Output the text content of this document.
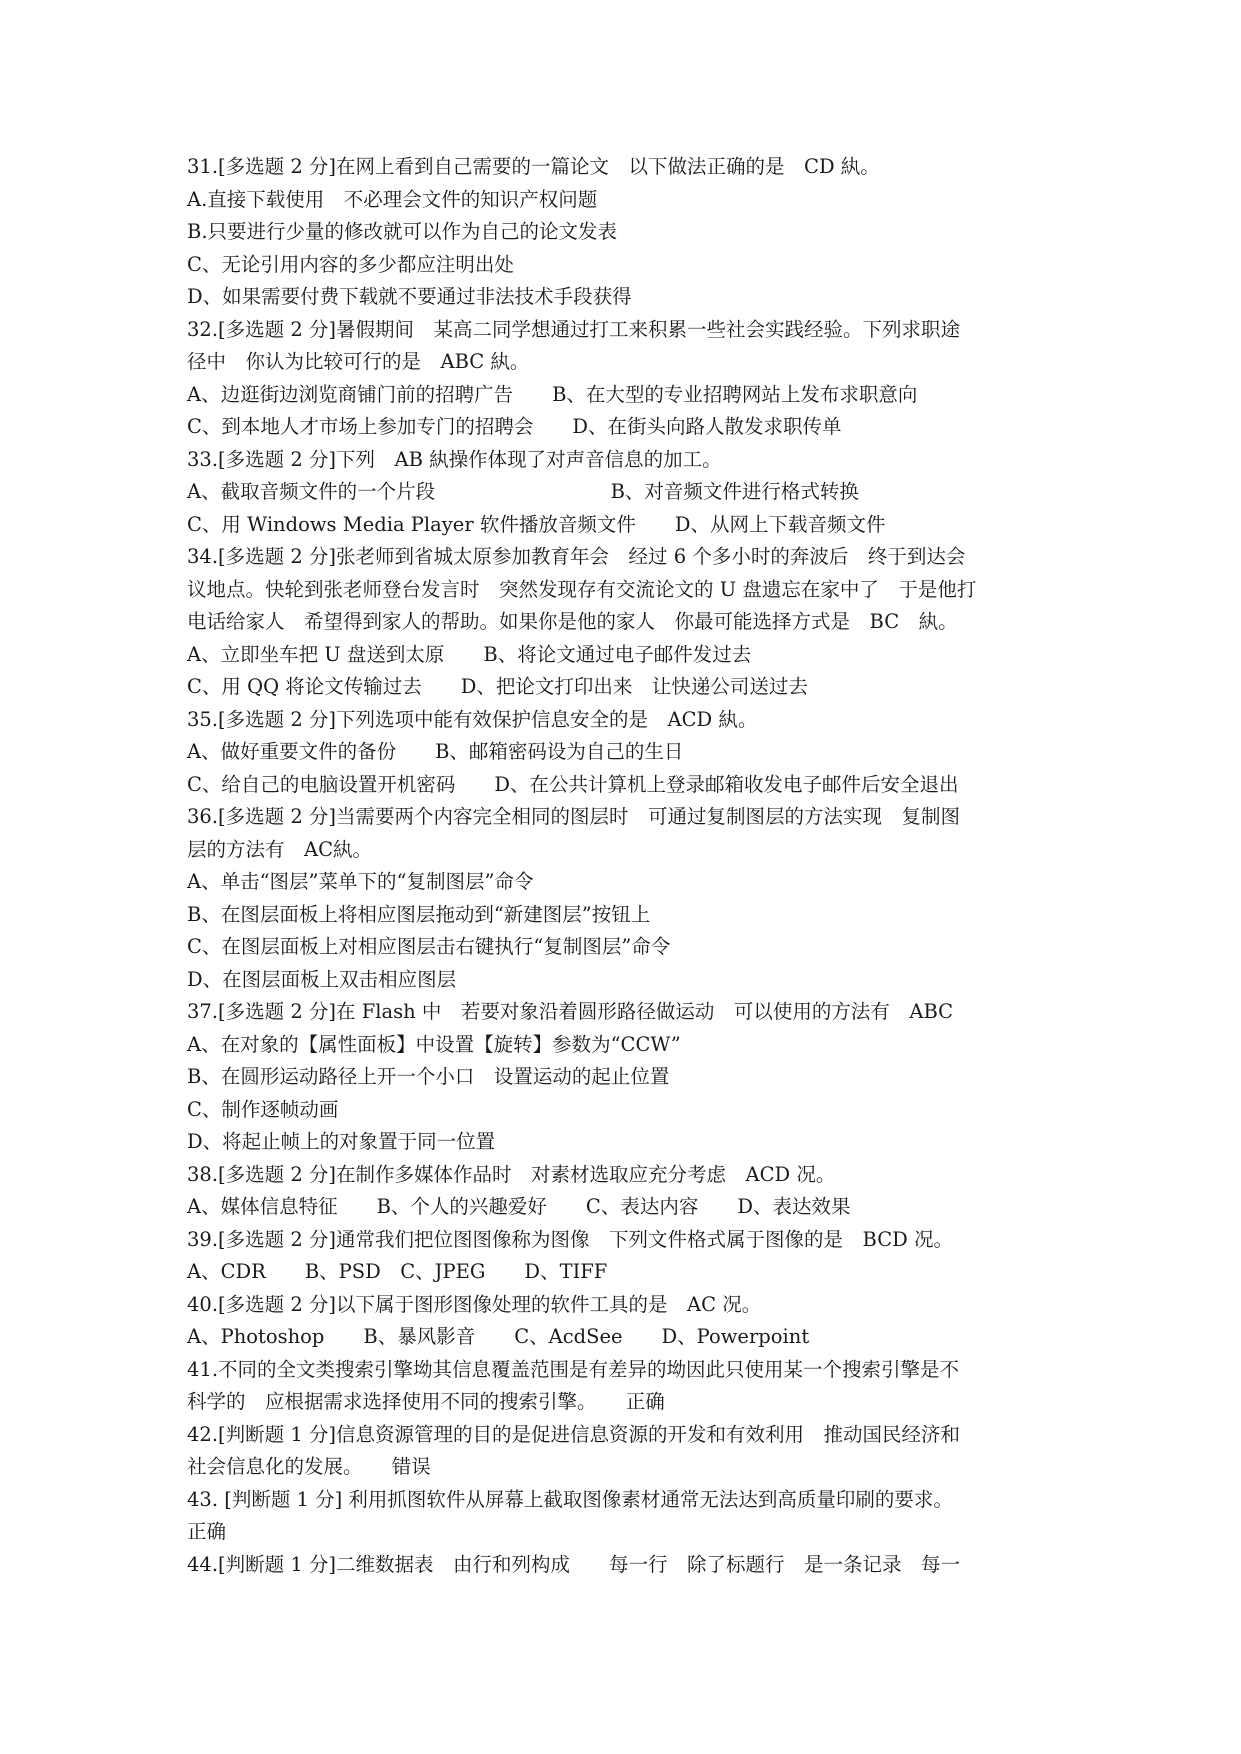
31.[多选题 2 分]在网上看到自己需要的一篇论文　以下做法正确的是　CD 紈。
A.直接下载使用　不必理会文件的知识产权问题
B.只要进行少量的修改就可以作为自己的论文发表
C、无论引用内容的多少都应注明出处
D、如果需要付费下载就不要通过非法技术手段获得
32.[多选题 2 分]暑假期间　某高二同学想通过打工来积累一些社会实践经验。下列求职途
径中　你认为比较可行的是　ABC 紈。
A、边逛街边浏览商铺门前的招聘广告　　B、在大型的专业招聘网站上发布求职意向
C、到本地人才市场上参加专门的招聘会　　D、在街头向路人散发求职传单
33.[多选题 2 分]下列　AB 紈操作体现了对声音信息的加工。
A、截取音频文件的一个片段　　　　　　　　　B、对音频文件进行格式转换
C、用 Windows Media Player 软件播放音频文件　　D、从网上下载音频文件
34.[多选题 2 分]张老师到省城太原参加教育年会　经过 6 个多小时的奔波后　终于到达会
议地点。快轮到张老师登台发言时　突然发现存有交流论文的 U 盘遗忘在家中了　于是他打
电话给家人　希望得到家人的帮助。如果你是他的家人　你最可能选择方式是　BC　紈。
A、立即坐车把 U 盘送到太原　　B、将论文通过电子邮件发过去
C、用 QQ 将论文传输过去　　D、把论文打印出来　让快递公司送过去
35.[多选题 2 分]下列选项中能有效保护信息安全的是　ACD 紈。
A、做好重要文件的备份　　B、邮箱密码设为自己的生日
C、给自己的电脑设置开机密码　　D、在公共计算机上登录邮箱收发电子邮件后安全退出
36.[多选题 2 分]当需要两个内容完全相同的图层时　可通过复制图层的方法实现　复制图
层的方法有　AC紈。
A、单击“图层”菜单下的“复制图层”命令
B、在图层面板上将相应图层拖动到“新建图层”按钮上
C、在图层面板上对相应图层击右键执行“复制图层”命令
D、在图层面板上双击相应图层
37.[多选题 2 分]在 Flash 中　若要对象沿着圆形路径做运动　可以使用的方法有　ABC
A、在对象的【属性面板】中设置【旋转】参数为“CCW”
B、在圆形运动路径上开一个小口　设置运动的起止位置
C、制作逐帧动画
D、将起止帧上的对象置于同一位置
38.[多选题 2 分]在制作多媒体作品时　对素材选取应充分考虑　ACD 况。
A、媒体信息特征　　B、个人的兴趣爱好　　C、表达内容　　D、表达效果
39.[多选题 2 分]通常我们把位图图像称为图像　下列文件格式属于图像的是　BCD 况。
A、CDR　　B、PSD　C、JPEG　　D、TIFF
40.[多选题 2 分]以下属于图形图像处理的软件工具的是　AC 况。
A、Photoshop　　B、暴风影音　　C、AcdSee　　D、Powerpoint
41.不同的全文类搜索引擎坳其信息覆盖范围是有差异的坳因此只使用某一个搜索引擎是不
科学的　应根据需求选择使用不同的搜索引擎。　　正确
42.[判断题 1 分]信息资源管理的目的是促进信息资源的开发和有效利用　推动国民经济和
社会信息化的发展。　　错误
43. [判断题 1 分] 利用抓图软件从屏幕上截取图像素材通常无法达到高质量印刷的要求。
正确
44.[判断题 1 分]二维数据表　由行和列构成　　每一行　除了标题行　是一条记录　每一
